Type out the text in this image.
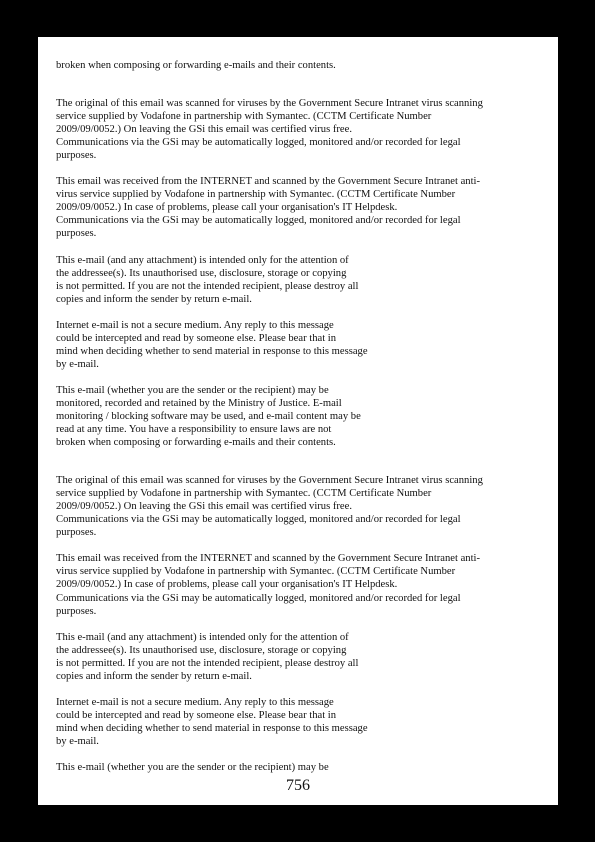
broken when composing or forwarding e-mails and their contents.
The original of this email was scanned for viruses by the Government Secure Intranet virus scanning
service supplied by Vodafone in partnership with Symantec. (CCTM Certificate Number
2009/09/0052.) On leaving the GSi this email was certified virus free.
Communications via the GSi may be automatically logged, monitored and/or recorded for legal
purposes.
This email was received from the INTERNET and scanned by the Government Secure Intranet anti-
virus service supplied by Vodafone in partnership with Symantec. (CCTM Certificate Number
2009/09/0052.) In case of problems, please call your organisation's IT Helpdesk.
Communications via the GSi may be automatically logged, monitored and/or recorded for legal
purposes.
This e-mail (and any attachment) is intended only for the attention of
the addressee(s). Its unauthorised use, disclosure, storage or copying
is not permitted. If you are not the intended recipient, please destroy all
copies and inform the sender by return e-mail.
Internet e-mail is not a secure medium. Any reply to this message
could be intercepted and read by someone else. Please bear that in
mind when deciding whether to send material in response to this message
by e-mail.
This e-mail (whether you are the sender or the recipient) may be
monitored, recorded and retained by the Ministry of Justice. E-mail
monitoring / blocking software may be used, and e-mail content may be
read at any time. You have a responsibility to ensure laws are not
broken when composing or forwarding e-mails and their contents.
The original of this email was scanned for viruses by the Government Secure Intranet virus scanning
service supplied by Vodafone in partnership with Symantec. (CCTM Certificate Number
2009/09/0052.) On leaving the GSi this email was certified virus free.
Communications via the GSi may be automatically logged, monitored and/or recorded for legal
purposes.
This email was received from the INTERNET and scanned by the Government Secure Intranet anti-
virus service supplied by Vodafone in partnership with Symantec. (CCTM Certificate Number
2009/09/0052.) In case of problems, please call your organisation's IT Helpdesk.
Communications via the GSi may be automatically logged, monitored and/or recorded for legal
purposes.
This e-mail (and any attachment) is intended only for the attention of
the addressee(s). Its unauthorised use, disclosure, storage or copying
is not permitted. If you are not the intended recipient, please destroy all
copies and inform the sender by return e-mail.
Internet e-mail is not a secure medium. Any reply to this message
could be intercepted and read by someone else. Please bear that in
mind when deciding whether to send material in response to this message
by e-mail.
This e-mail (whether you are the sender or the recipient) may be
756
